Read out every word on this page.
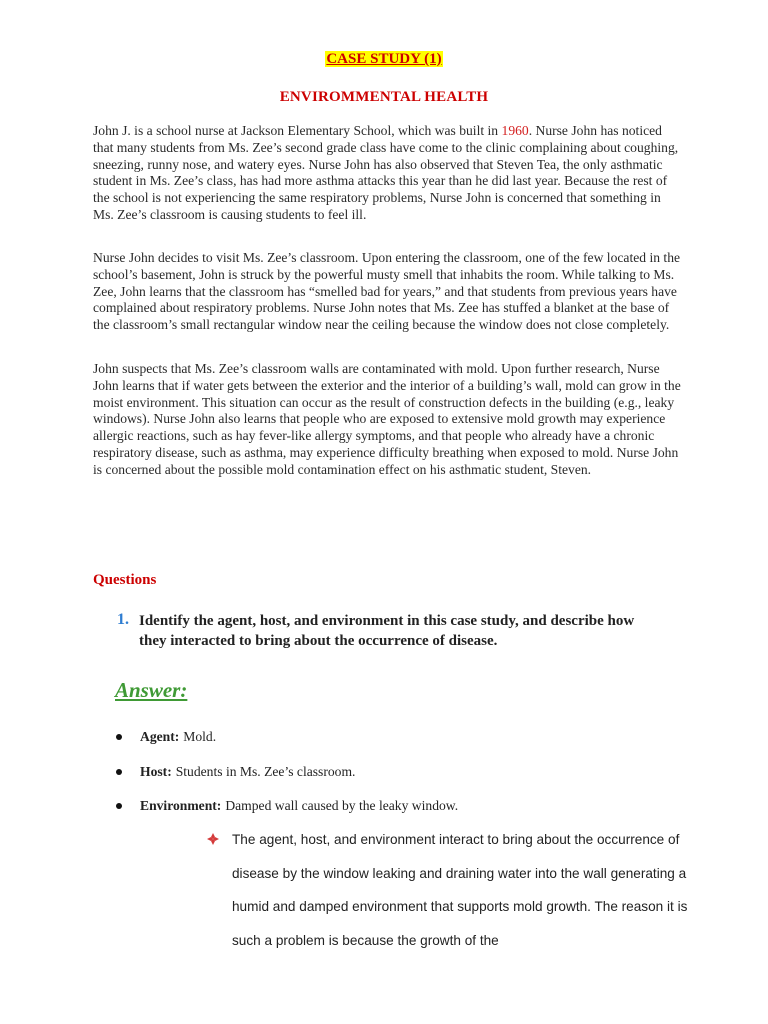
CASE STUDY (1)
ENVIROMMENTAL HEALTH
John J. is a school nurse at Jackson Elementary School, which was built in 1960. Nurse John has noticed that many students from Ms. Zee’s second grade class have come to the clinic complaining about coughing, sneezing, runny nose, and watery eyes. Nurse John has also observed that Steven Tea, the only asthmatic student in Ms. Zee’s class, has had more asthma attacks this year than he did last year. Because the rest of the school is not experiencing the same respiratory problems, Nurse John is concerned that something in Ms. Zee’s classroom is causing students to feel ill.
Nurse John decides to visit Ms. Zee’s classroom. Upon entering the classroom, one of the few located in the school’s basement, John is struck by the powerful musty smell that inhabits the room. While talking to Ms. Zee, John learns that the classroom has “smelled bad for years,” and that students from previous years have complained about respiratory problems. Nurse John notes that Ms. Zee has stuffed a blanket at the base of the classroom’s small rectangular window near the ceiling because the window does not close completely.
John suspects that Ms. Zee’s classroom walls are contaminated with mold. Upon further research, Nurse John learns that if water gets between the exterior and the interior of a building’s wall, mold can grow in the moist environment. This situation can occur as the result of construction defects in the building (e.g., leaky windows). Nurse John also learns that people who are exposed to extensive mold growth may experience allergic reactions, such as hay fever-like allergy symptoms, and that people who already have a chronic respiratory disease, such as asthma, may experience difficulty breathing when exposed to mold. Nurse John is concerned about the possible mold contamination effect on his asthmatic student, Steven.
Questions
1. Identify the agent, host, and environment in this case study, and describe how they interacted to bring about the occurrence of disease.
Answer:
Agent: Mold.
Host: Students in Ms. Zee’s classroom.
Environment: Damped wall caused by the leaky window.
The agent, host, and environment interact to bring about the occurrence of disease by the window leaking and draining water into the wall generating a humid and damped environment that supports mold growth. The reason it is such a problem is because the growth of the
